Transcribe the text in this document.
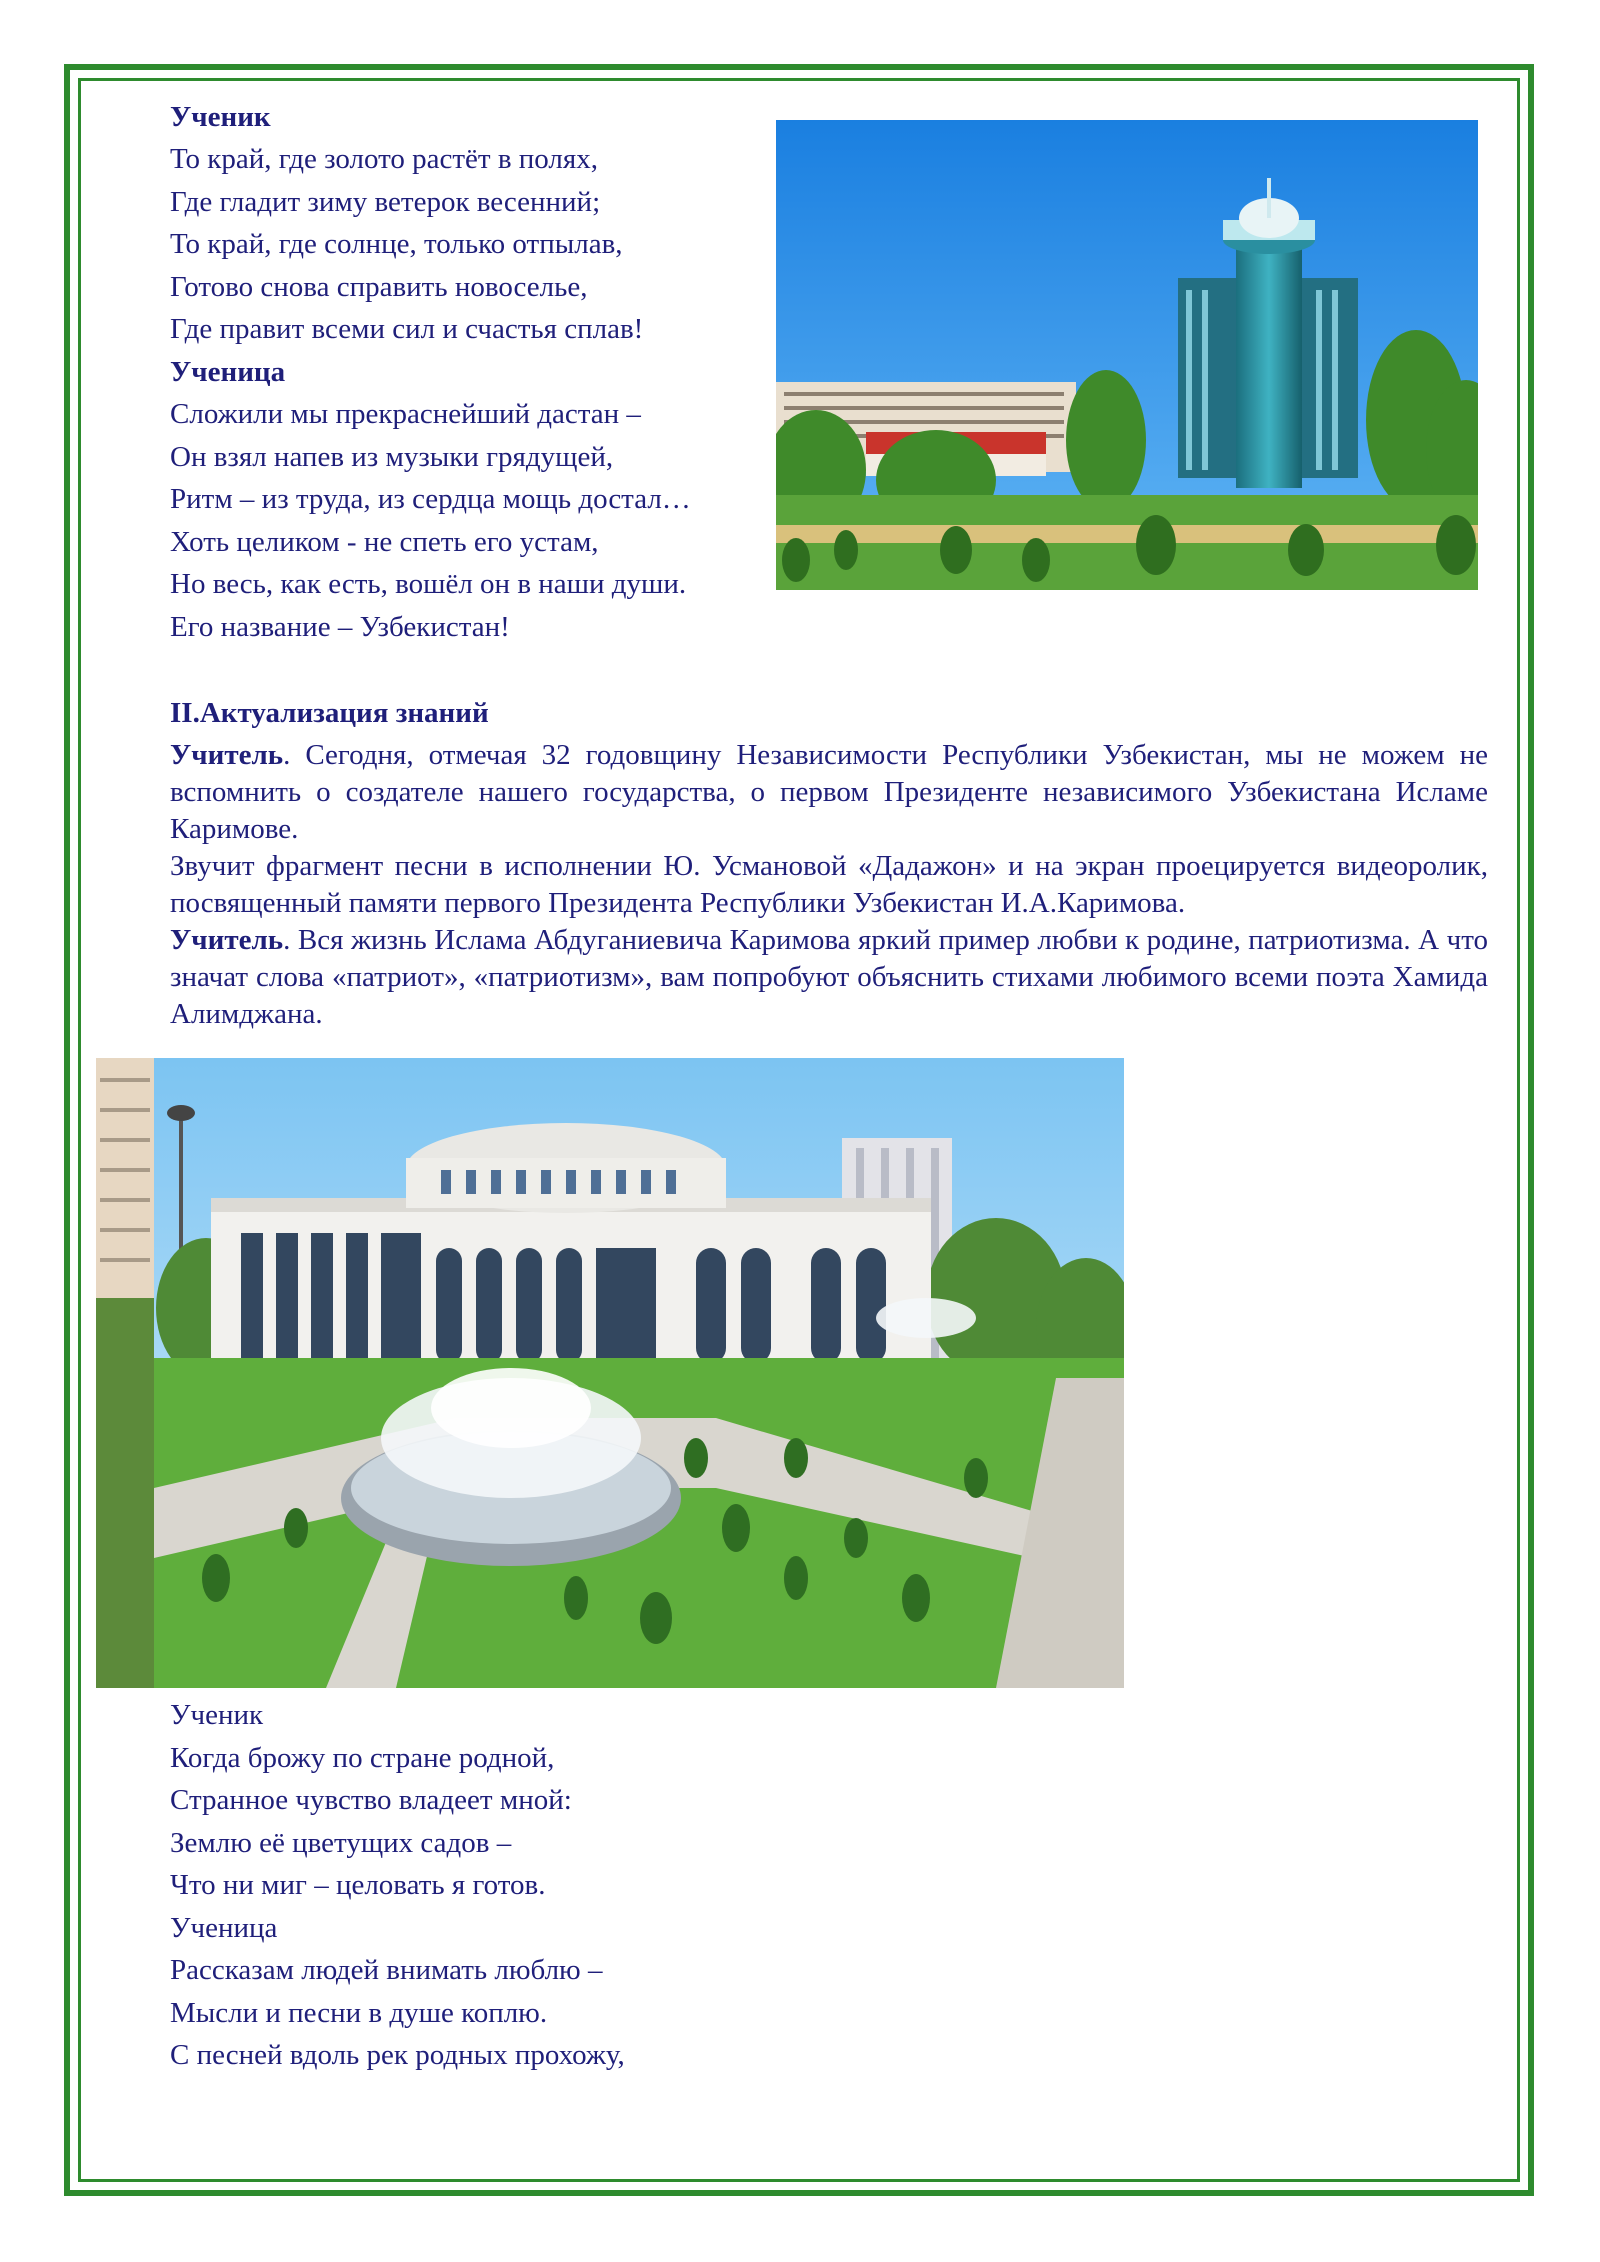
Ученик

То край, где золото растёт в полях,

Где гладит зиму ветерок весенний;

То край, где солнце, только отпылав,

Готово снова справить новоселье,

Где правит всеми сил и счастья сплав!

Ученица

Сложили мы прекраснейший дастан –

Он взял напев из музыки грядущей,

Ритм – из труда, из сердца мощь достал…

Хоть целиком - не спеть его устам,

Но весь, как есть, вошёл он в наши души.

Его название – Узбекистан!

II.Актуализация знаний

Учитель. Сегодня, отмечая 32 годовщину Независимости Республики Узбекистан, мы не можем не вспомнить о создателе нашего государства, о первом Президенте независимого Узбекистана Исламе Каримове.

Звучит фрагмент песни в исполнении Ю. Усмановой «Дадажон» и на экран проецируется видеоролик, посвященный памяти первого Президента Республики Узбекистан И.А.Каримова.

Учитель. Вся жизнь Ислама Абдуганиевича Каримова яркий пример любви к родине, патриотизма. А что значат слова «патриот», «патриотизм», вам попробуют объяснить стихами любимого всеми поэта Хамида Алимджана.

Ученик

Когда брожу по стране родной,

Странное чувство владеет мной:

Землю её цветущих садов –

Что ни миг – целовать я готов.

Ученица

Рассказам людей внимать люблю –

Мысли и песни в душе коплю.

С песней вдоль рек родных прохожу,
